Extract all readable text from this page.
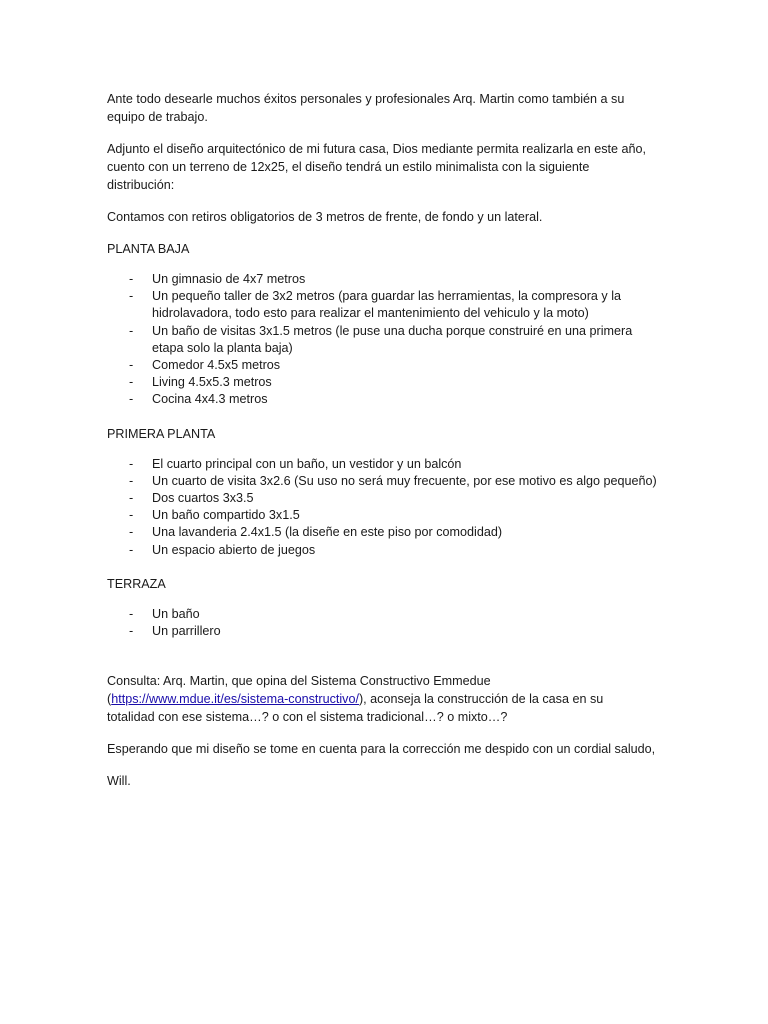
Ante todo desearle muchos éxitos personales y profesionales Arq. Martin como también a su
equipo de trabajo.

Adjunto el diseño arquitectónico de mi futura casa, Dios mediante permita realizarla en este año,
cuento con un terreno de 12x25, el diseño tendrá un estilo minimalista con la siguiente
distribución:

Contamos con retiros obligatorios de 3 metros de frente, de fondo y un lateral.

PLANTA BAJA

- Un gimnasio de 4x7 metros
- Un pequeño taller de 3x2 metros (para guardar las herramientas, la compresora y la
hidrolavadora, todo esto para realizar el mantenimiento del vehiculo y la moto)
- Un baño de visitas 3x1.5 metros (le puse una ducha porque construiré en una primera
etapa solo la planta baja)
- Comedor 4.5x5 metros
- Living 4.5x5.3 metros
- Cocina 4x4.3 metros

PRIMERA PLANTA

- El cuarto principal con un baño, un vestidor y un balcón
- Un cuarto de visita 3x2.6 (Su uso no será muy frecuente, por ese motivo es algo pequeño)
- Dos cuartos 3x3.5
- Un baño compartido 3x1.5
- Una lavanderia 2.4x1.5 (la diseñe en este piso por comodidad)
- Un espacio abierto de juegos

TERRAZA

- Un baño
- Un parrillero

Consulta: Arq. Martin, que opina del Sistema Constructivo Emmedue
(https://www.mdue.it/es/sistema-constructivo/), aconseja la construcción de la casa en su
totalidad con ese sistema…? o con el sistema tradicional…? o mixto…?

Esperando que mi diseño se tome en cuenta para la corrección me despido con un cordial saludo,

Will.
